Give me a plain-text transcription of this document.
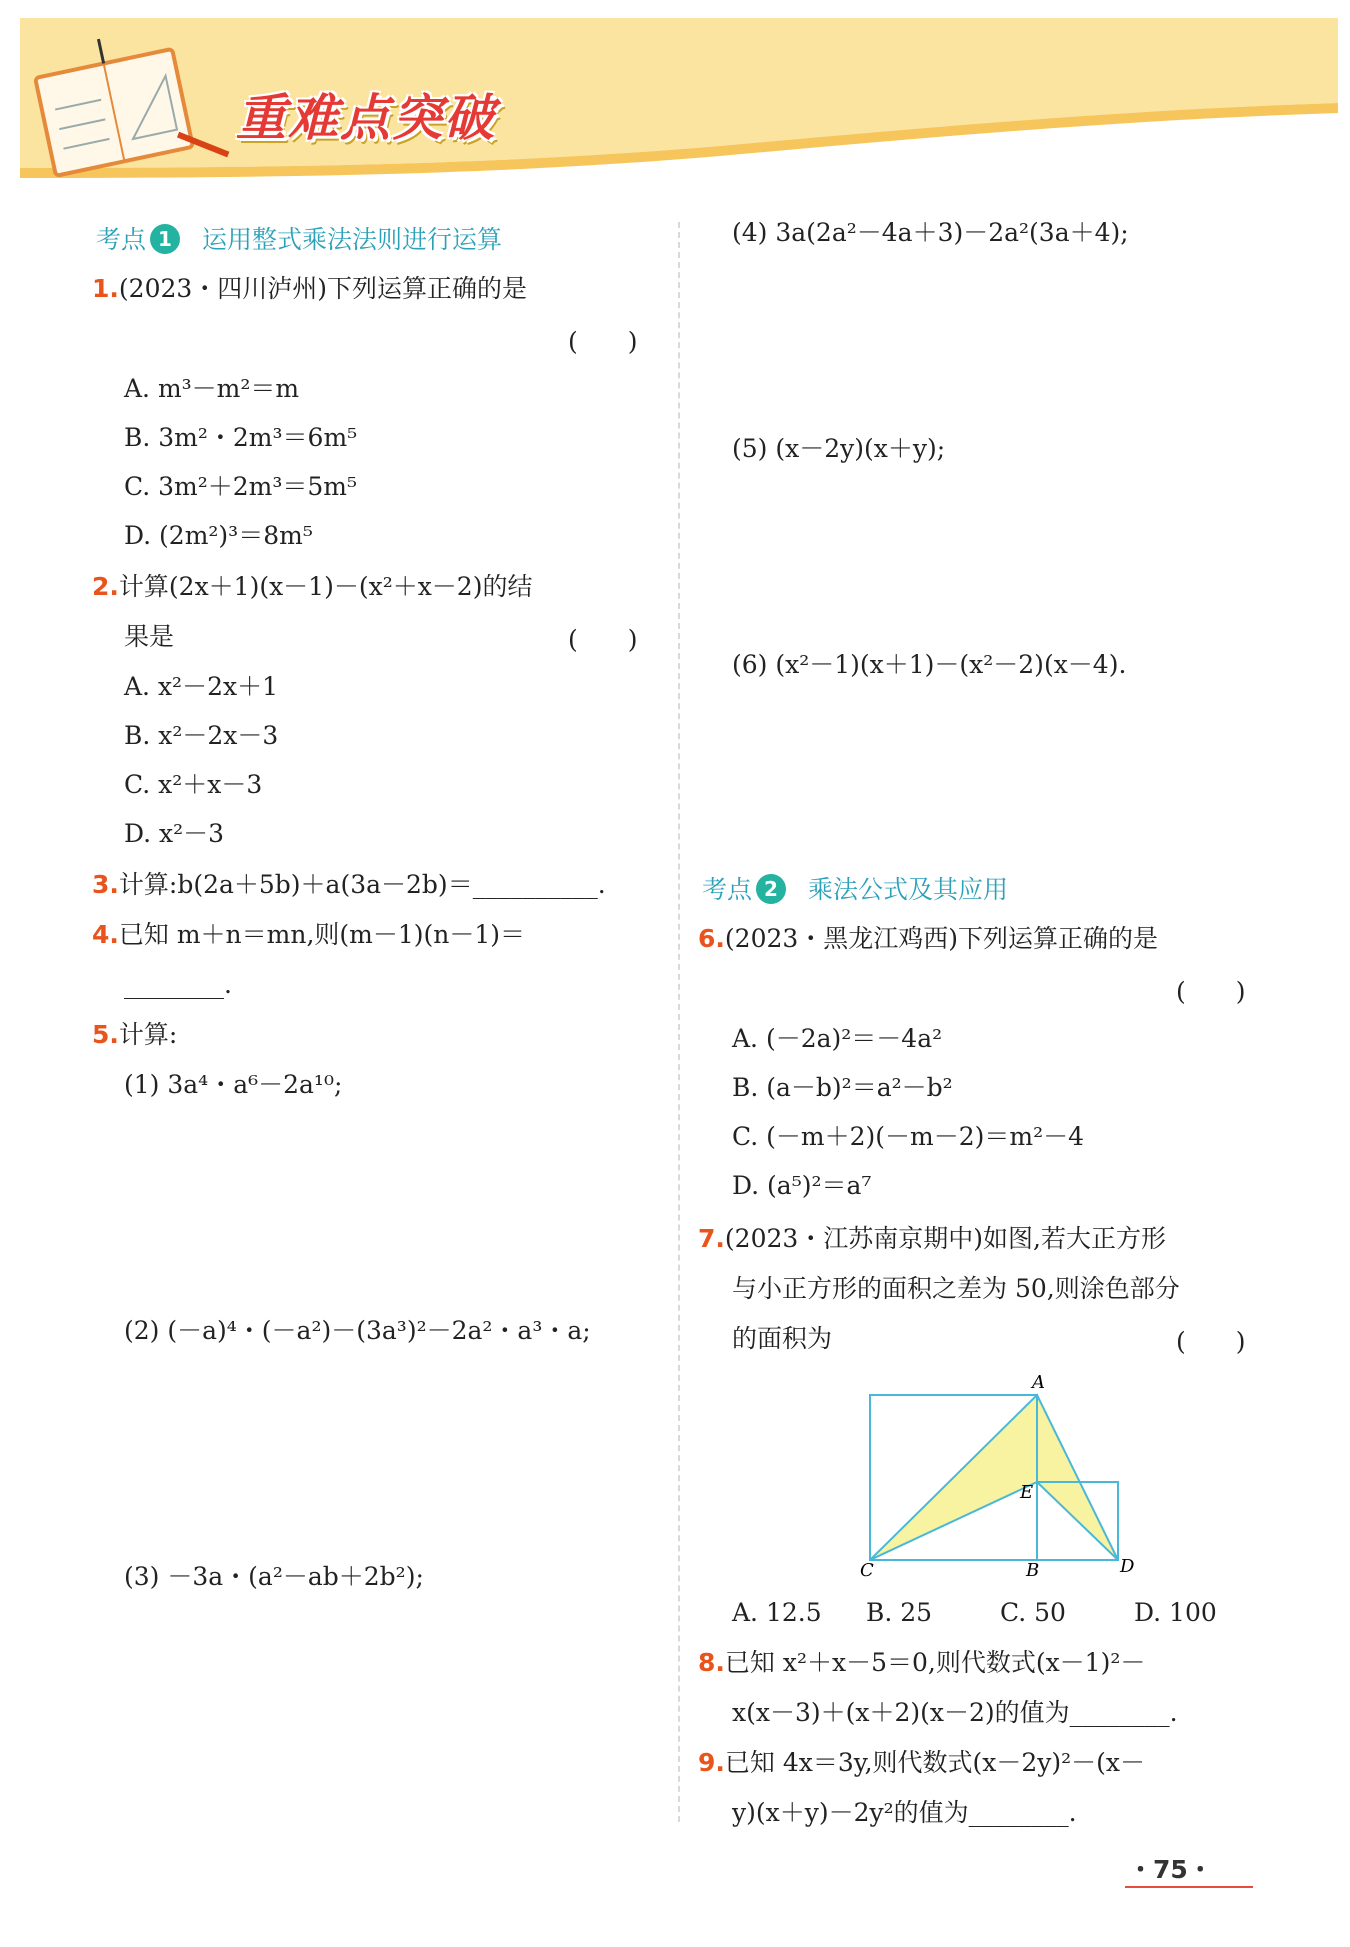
重难点突破
考点 1 运用整式乘法法则进行运算
1.(2023・四川泸州)下列运算正确的是
(　　)
A. m³－m²＝m
B. 3m²・2m³＝6m⁵
C. 3m²＋2m³＝5m⁵
D. (2m²)³＝8m⁵
2.计算(2x＋1)(x－1)－(x²＋x－2)的结
果是	(　　)
A. x²－2x＋1
B. x²－2x－3
C. x²＋x－3
D. x²－3
3.计算:b(2a＋5b)＋a(3a－2b)＝__________.
4.已知 m＋n＝mn,则(m－1)(n－1)＝
________.
5.计算:
(1) 3a⁴・a⁶－2a¹⁰;
(2) (－a)⁴・(－a²)－(3a³)²－2a²・a³・a;
(3) －3a・(a²－ab＋2b²);
(4) 3a(2a²－4a＋3)－2a²(3a＋4);
(5) (x－2y)(x＋y);
(6) (x²－1)(x＋1)－(x²－2)(x－4).
考点 2 乘法公式及其应用
6.(2023・黑龙江鸡西)下列运算正确的是
(　　)
A. (－2a)²＝－4a²
B. (a－b)²＝a²－b²
C. (－m＋2)(－m－2)＝m²－4
D. (a⁵)²＝a⁷
7.(2023・江苏南京期中)如图,若大正方形
与小正方形的面积之差为 50,则涂色部分
的面积为	(　　)
A
B
C	D
E
A. 12.5 B. 25	C. 50	D. 100
8.已知 x²＋x－5＝0,则代数式(x－1)²－
x(x－3)＋(x＋2)(x－2)的值为________.
9.已知 4x＝3y,则代数式(x－2y)²－(x－
y)(x＋y)－2y²的值为________.
・75・
